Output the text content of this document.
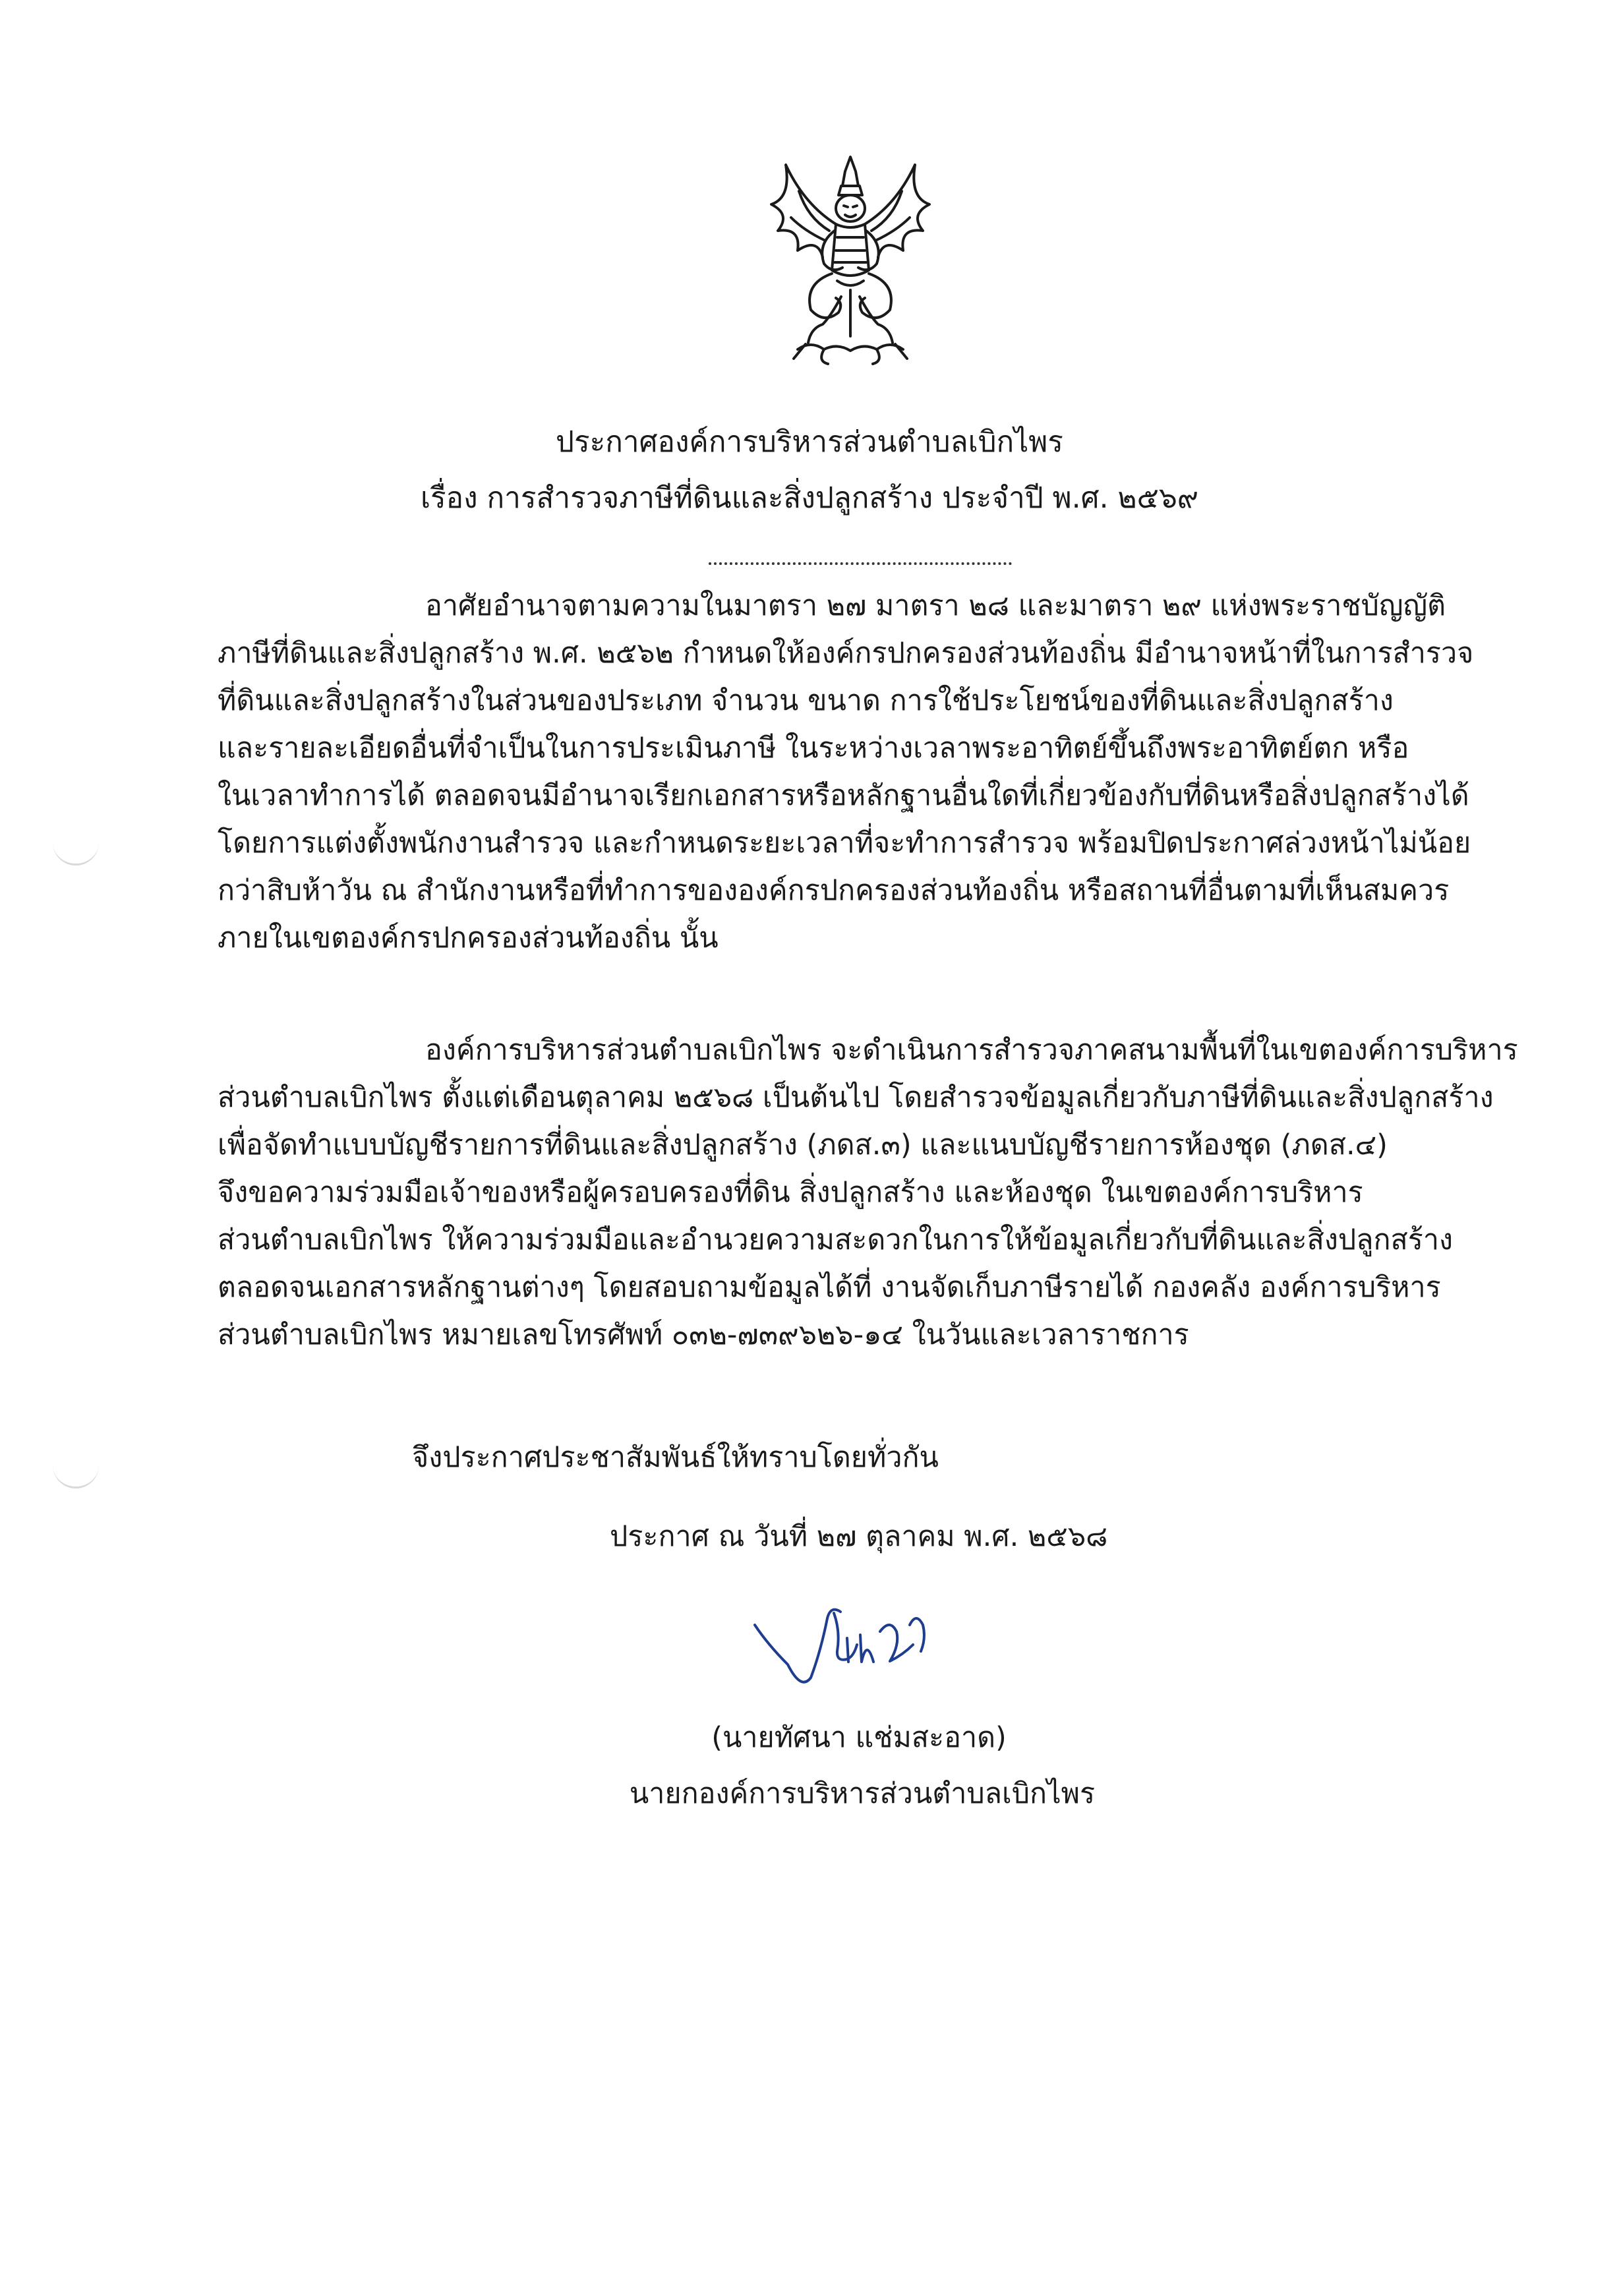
ประกาศองค์การบริหารส่วนตำบลเบิกไพร
เรื่อง การสำรวจภาษีที่ดินและสิ่งปลูกสร้าง ประจำปี พ.ศ. ๒๕๖๙
อาศัยอำนาจตามความในมาตรา ๒๗ มาตรา ๒๘ และมาตรา ๒๙ แห่งพระราชบัญญัติ
ภาษีที่ดินและสิ่งปลูกสร้าง พ.ศ. ๒๕๖๒ กำหนดให้องค์กรปกครองส่วนท้องถิ่น มีอำนาจหน้าที่ในการสำรวจ
ที่ดินและสิ่งปลูกสร้างในส่วนของประเภท จำนวน ขนาด การใช้ประโยชน์ของที่ดินและสิ่งปลูกสร้าง
และรายละเอียดอื่นที่จำเป็นในการประเมินภาษี ในระหว่างเวลาพระอาทิตย์ขึ้นถึงพระอาทิตย์ตก หรือ
ในเวลาทำการได้ ตลอดจนมีอำนาจเรียกเอกสารหรือหลักฐานอื่นใดที่เกี่ยวข้องกับที่ดินหรือสิ่งปลูกสร้างได้
โดยการแต่งตั้งพนักงานสำรวจ และกำหนดระยะเวลาที่จะทำการสำรวจ พร้อมปิดประกาศล่วงหน้าไม่น้อย
กว่าสิบห้าวัน ณ สำนักงานหรือที่ทำการขององค์กรปกครองส่วนท้องถิ่น หรือสถานที่อื่นตามที่เห็นสมควร
ภายในเขตองค์กรปกครองส่วนท้องถิ่น นั้น
องค์การบริหารส่วนตำบลเบิกไพร จะดำเนินการสำรวจภาคสนามพื้นที่ในเขตองค์การบริหาร
ส่วนตำบลเบิกไพร ตั้งแต่เดือนตุลาคม ๒๕๖๘ เป็นต้นไป โดยสำรวจข้อมูลเกี่ยวกับภาษีที่ดินและสิ่งปลูกสร้าง
เพื่อจัดทำแบบบัญชีรายการที่ดินและสิ่งปลูกสร้าง (ภดส.๓) และแนบบัญชีรายการห้องชุด (ภดส.๔)
จึงขอความร่วมมือเจ้าของหรือผู้ครอบครองที่ดิน สิ่งปลูกสร้าง และห้องชุด ในเขตองค์การบริหาร
ส่วนตำบลเบิกไพร ให้ความร่วมมือและอำนวยความสะดวกในการให้ข้อมูลเกี่ยวกับที่ดินและสิ่งปลูกสร้าง
ตลอดจนเอกสารหลักฐานต่างๆ โดยสอบถามข้อมูลได้ที่ งานจัดเก็บภาษีรายได้ กองคลัง องค์การบริหาร
ส่วนตำบลเบิกไพร หมายเลขโทรศัพท์ ๐๓๒-๗๓๙๖๒๖-๑๔ ในวันและเวลาราชการ
จึงประกาศประชาสัมพันธ์ให้ทราบโดยทั่วกัน
ประกาศ ณ วันที่ ๒๗ ตุลาคม พ.ศ. ๒๕๖๘
(นายทัศนา แช่มสะอาด)
นายกองค์การบริหารส่วนตำบลเบิกไพร
